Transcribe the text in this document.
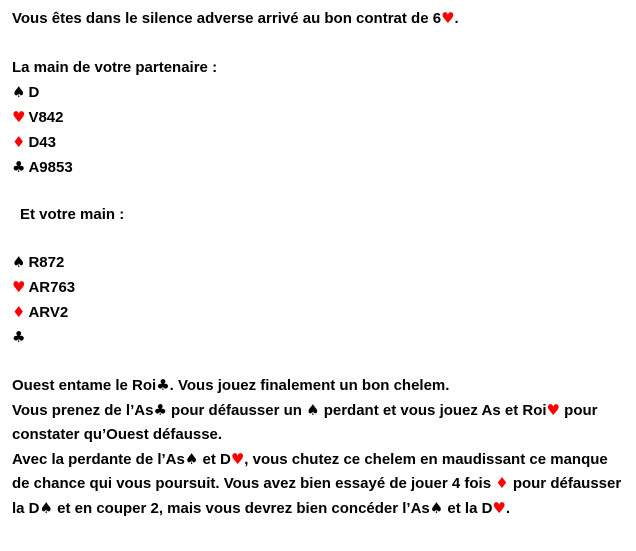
Vous êtes dans le silence adverse arrivé au bon contrat de 6♥.
La main de votre partenaire :
♠ D
♥ V842
♦ D43
♣ A9853
Et votre main :
♠ R872
♥ AR763
♦ ARV2
♣
Ouest entame le Roi♣. Vous jouez finalement un bon chelem.
Vous prenez de l’As♣ pour défausser un ♠ perdant et vous jouez As et Roi♥ pour constater qu’Ouest défausse.
Avec la perdante de l’As♠ et D♥, vous chutez ce chelem en maudissant ce manque de chance qui vous poursuit. Vous avez bien essayé de jouer 4 fois ♦ pour défausser la D♠ et en couper 2, mais vous devrez bien concéder l’As♠ et la D♥.
